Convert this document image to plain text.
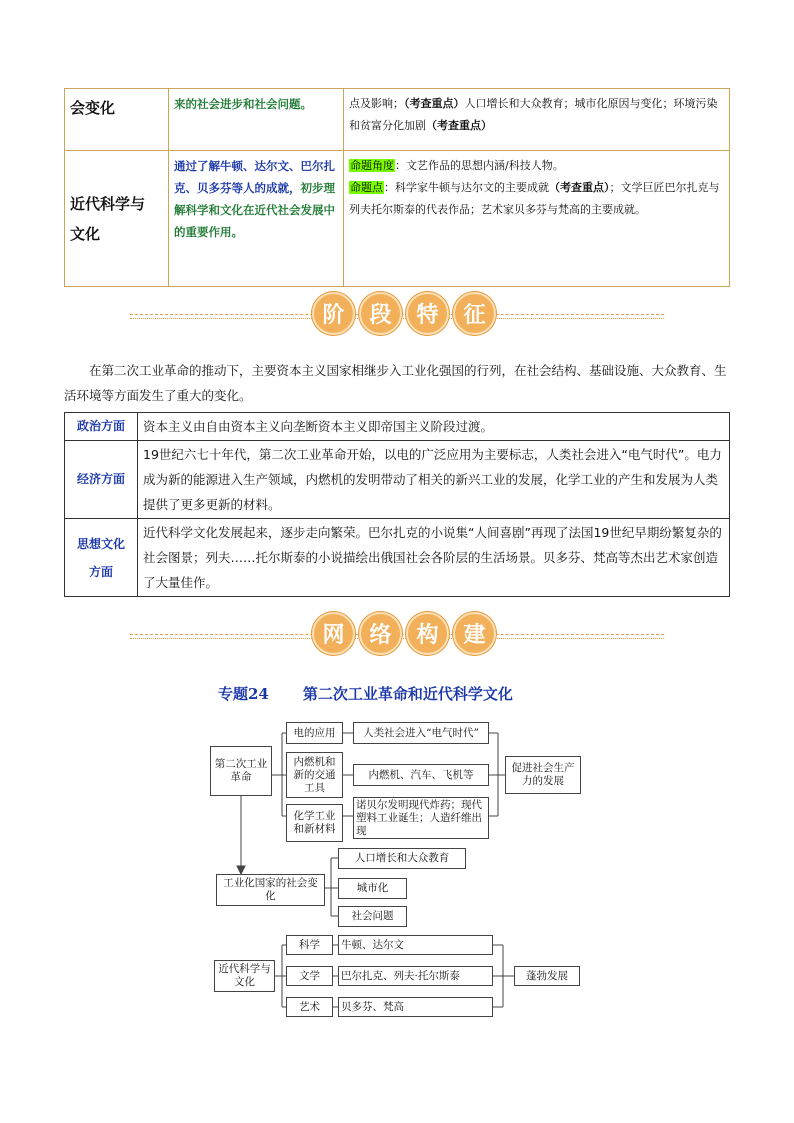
会变化	来的社会进步和社会问题。	点及影响；（考查重点）人口增长和大众教育；城市化原因与变化；环境污染和贫富分化加剧（考查重点）

近代科学与文化	通过了解牛顿、达尔文、巴尔扎克、贝多芬等人的成就，初步理解科学和文化在近代社会发展中的重要作用。	命题角度：文艺作品的思想内涵/科技人物。
命题点：科学家牛顿与达尔文的主要成就（考查重点）；文学巨匠巴尔扎克与列夫托尔斯泰的代表作品；艺术家贝多芬与梵高的主要成就。
阶	段	特	征
在第二次工业革命的推动下，主要资本主义国家相继步入工业化强国的行列，在社会结构、基础设施、大众教育、生活环境等方面发生了重大的变化。
政治方面	资本主义由自由资本主义向垄断资本主义即帝国主义阶段过渡。
经济方面	19世纪六七十年代，第二次工业革命开始，以电的广泛应用为主要标志，人类社会进入“电气时代”。电力成为新的能源进入生产领域，内燃机的发明带动了相关的新兴工业的发展，化学工业的产生和发展为人类提供了更多更新的材料。

思想文化方面	近代科学文化发展起来，逐步走向繁荣。巴尔扎克的小说集“人间喜剧”再现了法国19世纪早期纷繁复杂的社会图景；列夫……托尔斯泰的小说描绘出俄国社会各阶层的生活场景。贝多芬、梵高等杰出艺术家创造了大量佳作。
网	络	构	建
专题24 第二次工业革命和近代科学文化
第二次工业革命
电的应用	人类社会进入“电气时代”
内燃机和新的交通工具
内燃机、汽车、飞机等
化学工业和新材料
诺贝尔发明现代炸药；现代塑料工业诞生；人造纤维出现
促进社会生产力的发展
工业化国家的社会变化
人口增长和大众教育
城市化
社会问题
近代科学与文化
科学	牛顿、达尔文
文学	巴尔扎克、列夫·托尔斯泰
艺术	贝多芬、梵高
蓬勃发展
